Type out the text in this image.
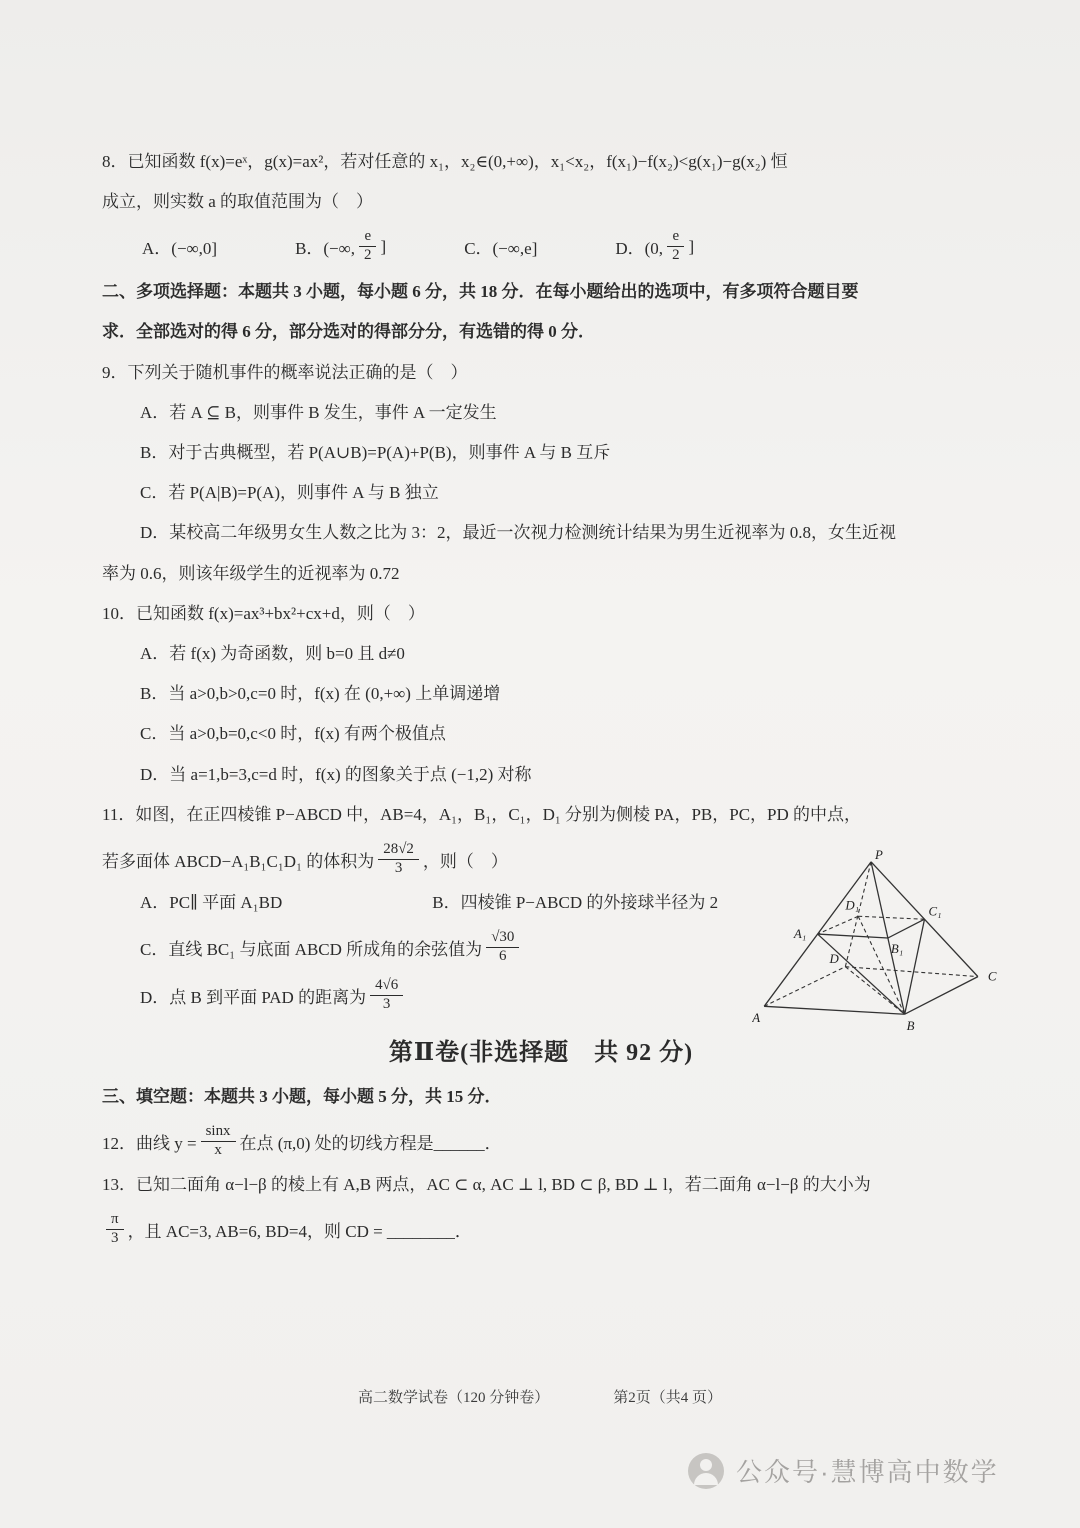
8．已知函数 f(x)=eˣ，g(x)=ax²，若对任意的 x₁，x₂∈(0,+∞)，x₁<x₂，f(x₁)−f(x₂)<g(x₁)−g(x₂) 恒
成立，则实数 a 的取值范围为（　）
A．(−∞,0]	B．(−∞, $\frac{e}{2}$ ]	C．(−∞,e]	D．(0, $\frac{e}{2}$ ]
二、多项选择题：本题共 3 小题，每小题 6 分，共 18 分．在每小题给出的选项中，有多项符合题目要
求．全部选对的得 6 分，部分选对的得部分分，有选错的得 0 分．
9．下列关于随机事件的概率说法正确的是（　）
A．若 A ⊆ B，则事件 B 发生，事件 A 一定发生
B．对于古典概型，若 P(A∪B)=P(A)+P(B)，则事件 A 与 B 互斥
C．若 P(A|B)=P(A)，则事件 A 与 B 独立
D．某校高二年级男女生人数之比为 3：2，最近一次视力检测统计结果为男生近视率为 0.8，女生近视
率为 0.6，则该年级学生的近视率为 0.72
10．已知函数 f(x)=ax³+bx²+cx+d，则（　）
A．若 f(x) 为奇函数，则 b=0 且 d≠0
B．当 a>0,b>0,c=0 时，f(x) 在 (0,+∞) 上单调递增
C．当 a>0,b=0,c<0 时，f(x) 有两个极值点
D．当 a=1,b=3,c=d 时，f(x) 的图象关于点 (−1,2) 对称
11．如图，在正四棱锥 P−ABCD 中，AB=4，A₁，B₁，C₁，D₁ 分别为侧棱 PA，PB，PC，PD 的中点，
若多面体 ABCD−A₁B₁C₁D₁ 的体积为 $\frac{28√2}{3}$ ，则（　）
A．PC∥ 平面 A₁BD	B．四棱锥 P−ABCD 的外接球半径为 2
C．直线 BC₁ 与底面 ABCD 所成角的余弦值为 $\frac{√30}{6}$
D．点 B 到平面 PAD 的距离为 $\frac{4√6}{3}$
第Ⅱ卷(非选择题　共 92 分)
三、填空题：本题共 3 小题，每小题 5 分，共 15 分．
12．曲线 $y = \frac{\sin x}{x}$ 在点 (π,0) 处的切线方程是______．
13．已知二面角 α−l−β 的棱上有 A,B 两点，AC ⊂ α, AC ⊥ l, BD ⊂ β, BD ⊥ l，若二面角 α−l−β 的大小为
$\frac{\pi}{3}$ ，且 AC=3, AB=6, BD=4，则 CD = ________．
P
D₁	C₁
A₁
B₁
D
C
A
B
高二数学试卷（120 分钟卷）	第2页（共4 页）
公众号·慧博高中数学
